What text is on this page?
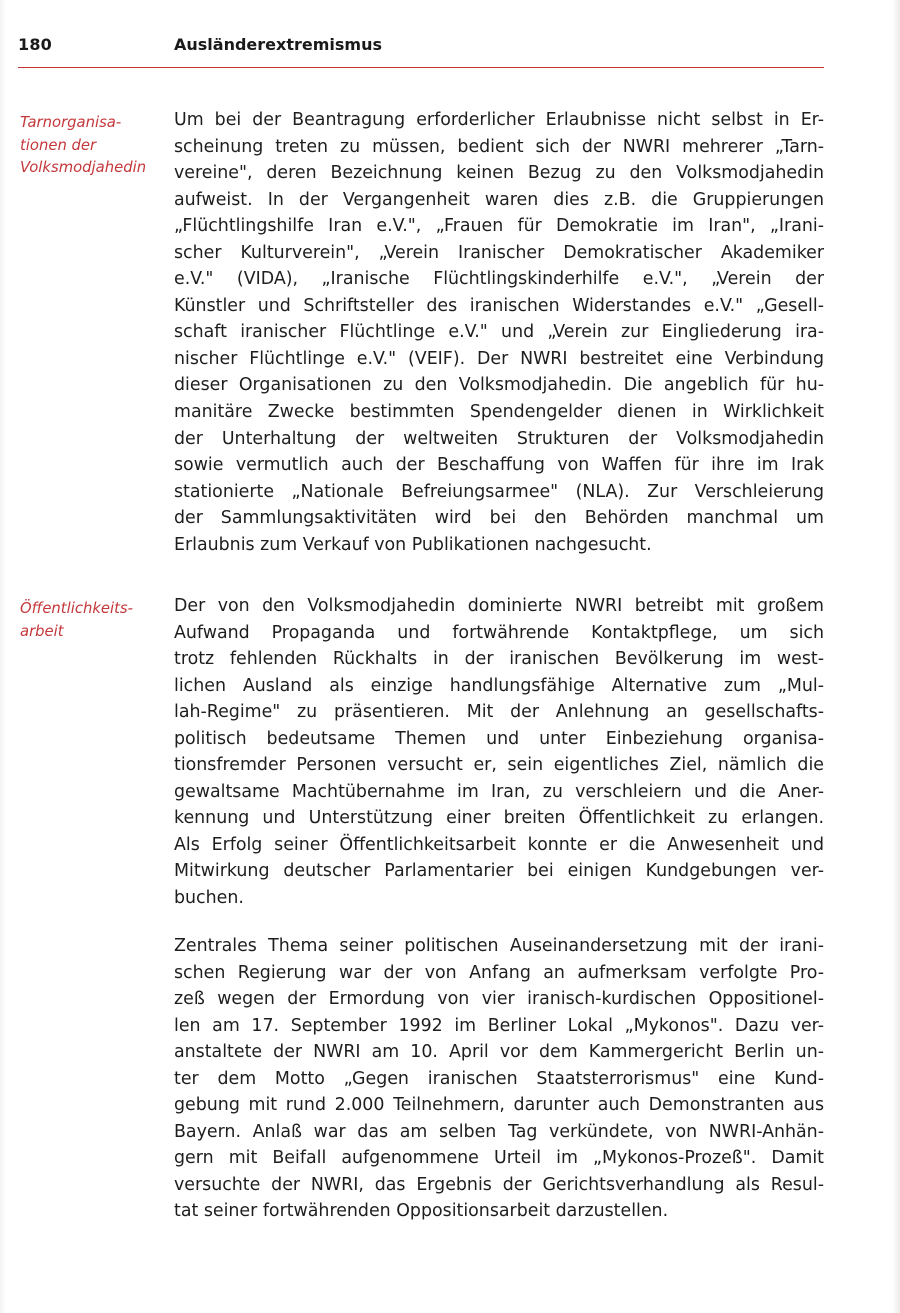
180	Ausländerextremismus
Tarnorganisa-
tionen der
Volksmodjahedin
Öffentlichkeits-
arbeit
Um bei der Beantragung erforderlicher Erlaubnisse nicht selbst in Er-
scheinung treten zu müssen, bedient sich der NWRI mehrerer „Tarn-
vereine", deren Bezeichnung keinen Bezug zu den Volksmodjahedin
aufweist. In der Vergangenheit waren dies z.B. die Gruppierungen
„Flüchtlingshilfe Iran e.V.", „Frauen für Demokratie im Iran", „Irani-
scher Kulturverein", „Verein Iranischer Demokratischer Akademiker
e.V." (VIDA), „Iranische Flüchtlingskinderhilfe e.V.", „Verein der
Künstler und Schriftsteller des iranischen Widerstandes e.V." „Gesell-
schaft iranischer Flüchtlinge e.V." und „Verein zur Eingliederung ira-
nischer Flüchtlinge e.V." (VEIF). Der NWRI bestreitet eine Verbindung
dieser Organisationen zu den Volksmodjahedin. Die angeblich für hu-
manitäre Zwecke bestimmten Spendengelder dienen in Wirklichkeit
der Unterhaltung der weltweiten Strukturen der Volksmodjahedin
sowie vermutlich auch der Beschaffung von Waffen für ihre im Irak
stationierte „Nationale Befreiungsarmee" (NLA). Zur Verschleierung
der Sammlungsaktivitäten wird bei den Behörden manchmal um
Erlaubnis zum Verkauf von Publikationen nachgesucht.
Der von den Volksmodjahedin dominierte NWRI betreibt mit großem
Aufwand Propaganda und fortwährende Kontaktpflege, um sich
trotz fehlenden Rückhalts in der iranischen Bevölkerung im west-
lichen Ausland als einzige handlungsfähige Alternative zum „Mul-
lah-Regime" zu präsentieren. Mit der Anlehnung an gesellschafts-
politisch bedeutsame Themen und unter Einbeziehung organisa-
tionsfremder Personen versucht er, sein eigentliches Ziel, nämlich die
gewaltsame Machtübernahme im Iran, zu verschleiern und die Aner-
kennung und Unterstützung einer breiten Öffentlichkeit zu erlangen.
Als Erfolg seiner Öffentlichkeitsarbeit konnte er die Anwesenheit und
Mitwirkung deutscher Parlamentarier bei einigen Kundgebungen ver-
buchen.
Zentrales Thema seiner politischen Auseinandersetzung mit der irani-
schen Regierung war der von Anfang an aufmerksam verfolgte Pro-
zeß wegen der Ermordung von vier iranisch-kurdischen Oppositionel-
len am 17. September 1992 im Berliner Lokal „Mykonos". Dazu ver-
anstaltete der NWRI am 10. April vor dem Kammergericht Berlin un-
ter dem Motto „Gegen iranischen Staatsterrorismus" eine Kund-
gebung mit rund 2.000 Teilnehmern, darunter auch Demonstranten aus
Bayern. Anlaß war das am selben Tag verkündete, von NWRI-Anhän-
gern mit Beifall aufgenommene Urteil im „Mykonos-Prozeß". Damit
versuchte der NWRI, das Ergebnis der Gerichtsverhandlung als Resul-
tat seiner fortwährenden Oppositionsarbeit darzustellen.
